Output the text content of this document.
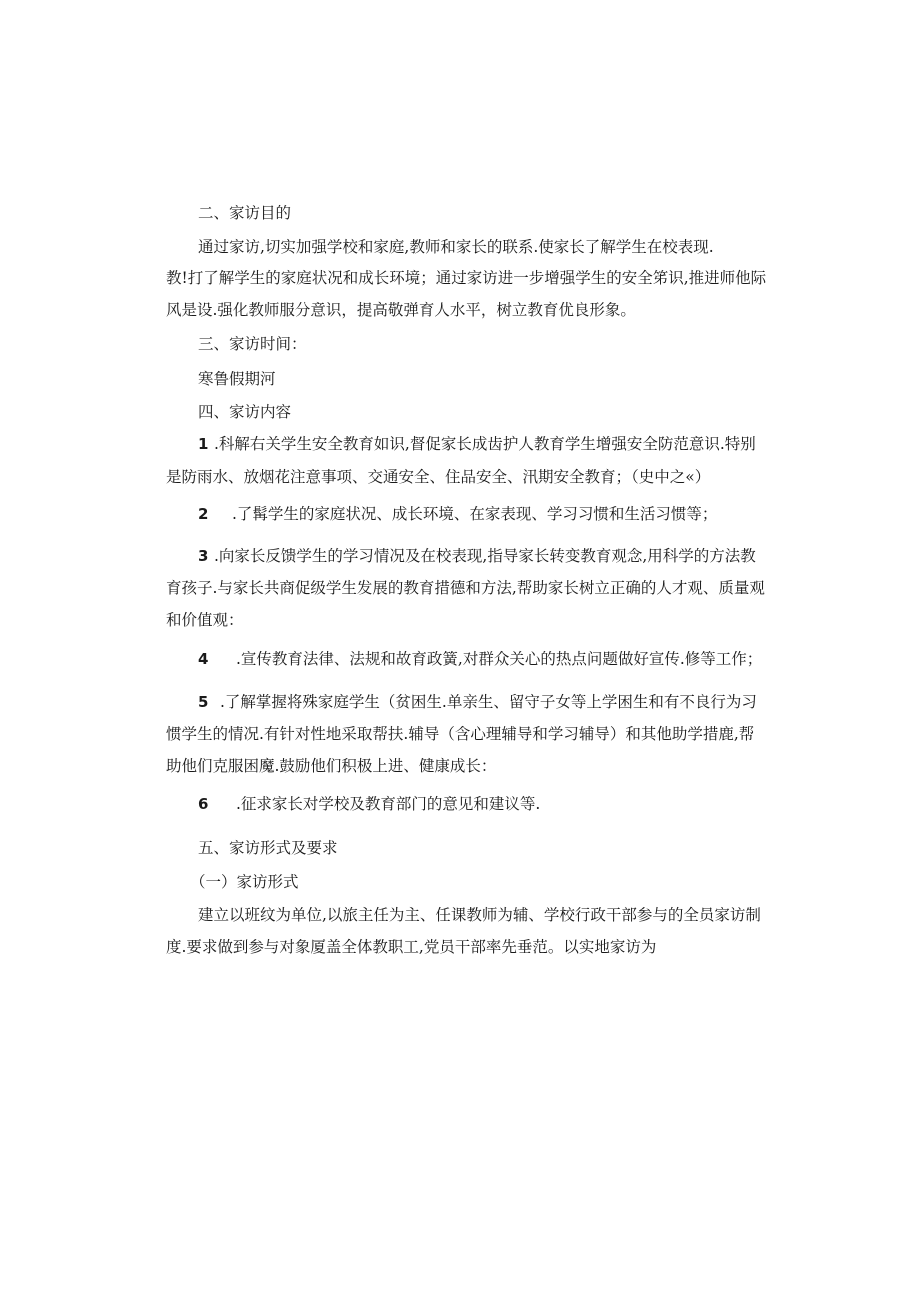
二、家访目的
通过家访,切实加强学校和家庭,教师和家长的联系.使家长了解学生在校表现.
教!打了解学生的家庭状况和成长环境；通过家访进一步增强学生的安全笫识,推进师他际
风是设.强化教师服分意识，提高敬弹育人水平，树立教育优良形象。
三、家访时间：
寒鲁假期河
四、家访内容
1 .科解右关学生安全教育如识,督促家长成齿护人教育学生增强安全防范意识.特别
是防雨水、放烟花注意事项、交通安全、住品安全、汛期安全教育；（史中之«）
2 .了髯学生的家庭状况、成长环境、在家表现、学习习惯和生活习惯等；
3 .向家长反馈学生的学习情况及在校表现,指导家长转变教育观念,用科学的方法教
育孩子.与家长共商促级学生发展的教育措德和方法,帮助家长树立正确的人才观、质量观
和价值观：
4 .宣传教育法律、法规和故育政簧,对群众关心的热点问题做好宣传.修等工作；
5 .了解掌握将殊家庭学生（贫困生.单亲生、留守子女等上学困生和有不良行为习
惯学生的情况.有针对性地采取帮扶.辅导（含心理辅导和学习辅导）和其他助学措鹿,帮
助他们克服困魔.鼓励他们积极上进、健康成长：
6 .征求家长对学校及教育部门的意见和建议等.
五、家访形式及要求
（一）家访形式
建立以班纹为单位,以旅主任为主、任课教师为辅、学校行政干部参与的全员家访制
度.要求做到参与对象厦盖全体教职工,党员干部率先垂范。以实地家访为
